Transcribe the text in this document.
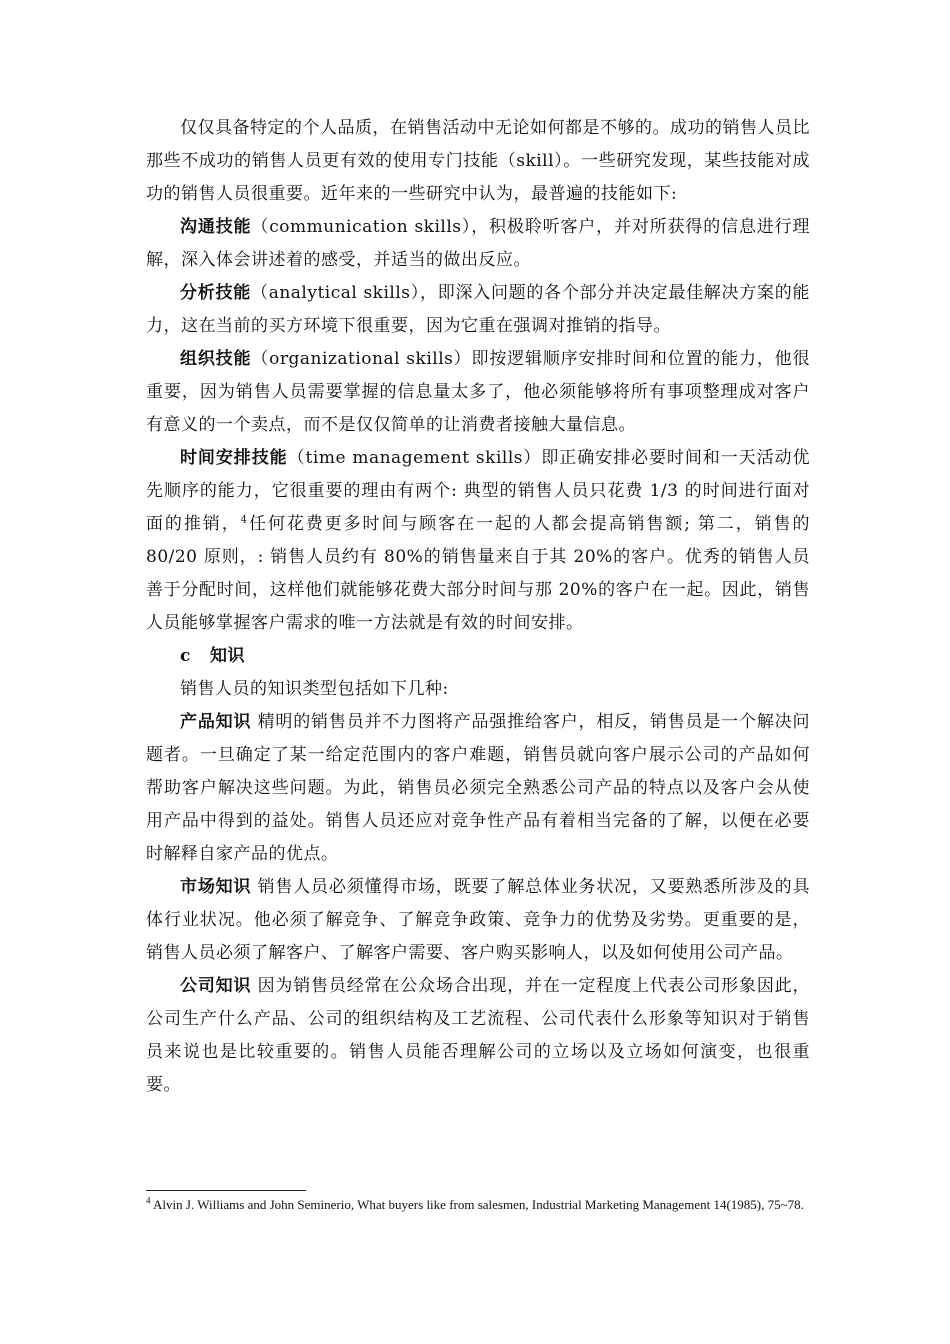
仅仅具备特定的个人品质，在销售活动中无论如何都是不够的。成功的销售人员比那些不成功的销售人员更有效的使用专门技能（skill）。一些研究发现，某些技能对成功的销售人员很重要。近年来的一些研究中认为，最普遍的技能如下:

沟通技能（communication skills），积极聆听客户，并对所获得的信息进行理解，深入体会讲述着的感受，并适当的做出反应。

分析技能（analytical skills），即深入问题的各个部分并决定最佳解决方案的能力，这在当前的买方环境下很重要，因为它重在强调对推销的指导。

组织技能（organizational skills）即按逻辑顺序安排时间和位置的能力，他很重要，因为销售人员需要掌握的信息量太多了，他必须能够将所有事项整理成对客户有意义的一个卖点，而不是仅仅简单的让消费者接触大量信息。

时间安排技能（time management skills）即正确安排必要时间和一天活动优先顺序的能力，它很重要的理由有两个: 典型的销售人员只花费 1/3 的时间进行面对面的推销，$^4$任何花费更多时间与顾客在一起的人都会提高销售额; 第二，销售的 80/20 原则，: 销售人员约有 80%的销售量来自于其 20%的客户。优秀的销售人员善于分配时间，这样他们就能够花费大部分时间与那 20%的客户在一起。因此，销售人员能够掌握客户需求的唯一方法就是有效的时间安排。

c 知识

销售人员的知识类型包括如下几种:

产品知识 精明的销售员并不力图将产品强推给客户，相反，销售员是一个解决问题者。一旦确定了某一给定范围内的客户难题，销售员就向客户展示公司的产品如何帮助客户解决这些问题。为此，销售员必须完全熟悉公司产品的特点以及客户会从使用产品中得到的益处。销售人员还应对竞争性产品有着相当完备的了解，以便在必要时解释自家产品的优点。

市场知识 销售人员必须懂得市场，既要了解总体业务状况，又要熟悉所涉及的具体行业状况。他必须了解竞争、了解竞争政策、竞争力的优势及劣势。更重要的是，销售人员必须了解客户、了解客户需要、客户购买影响人，以及如何使用公司产品。

公司知识 因为销售员经常在公众场合出现，并在一定程度上代表公司形象因此，公司生产什么产品、公司的组织结构及工艺流程、公司代表什么形象等知识对于销售员来说也是比较重要的。销售人员能否理解公司的立场以及立场如何演变，也很重要。

$^4$ Alvin J. Williams and John Seminerio, What buyers like from salesmen, Industrial Marketing Management 14(1985), 75~78.
